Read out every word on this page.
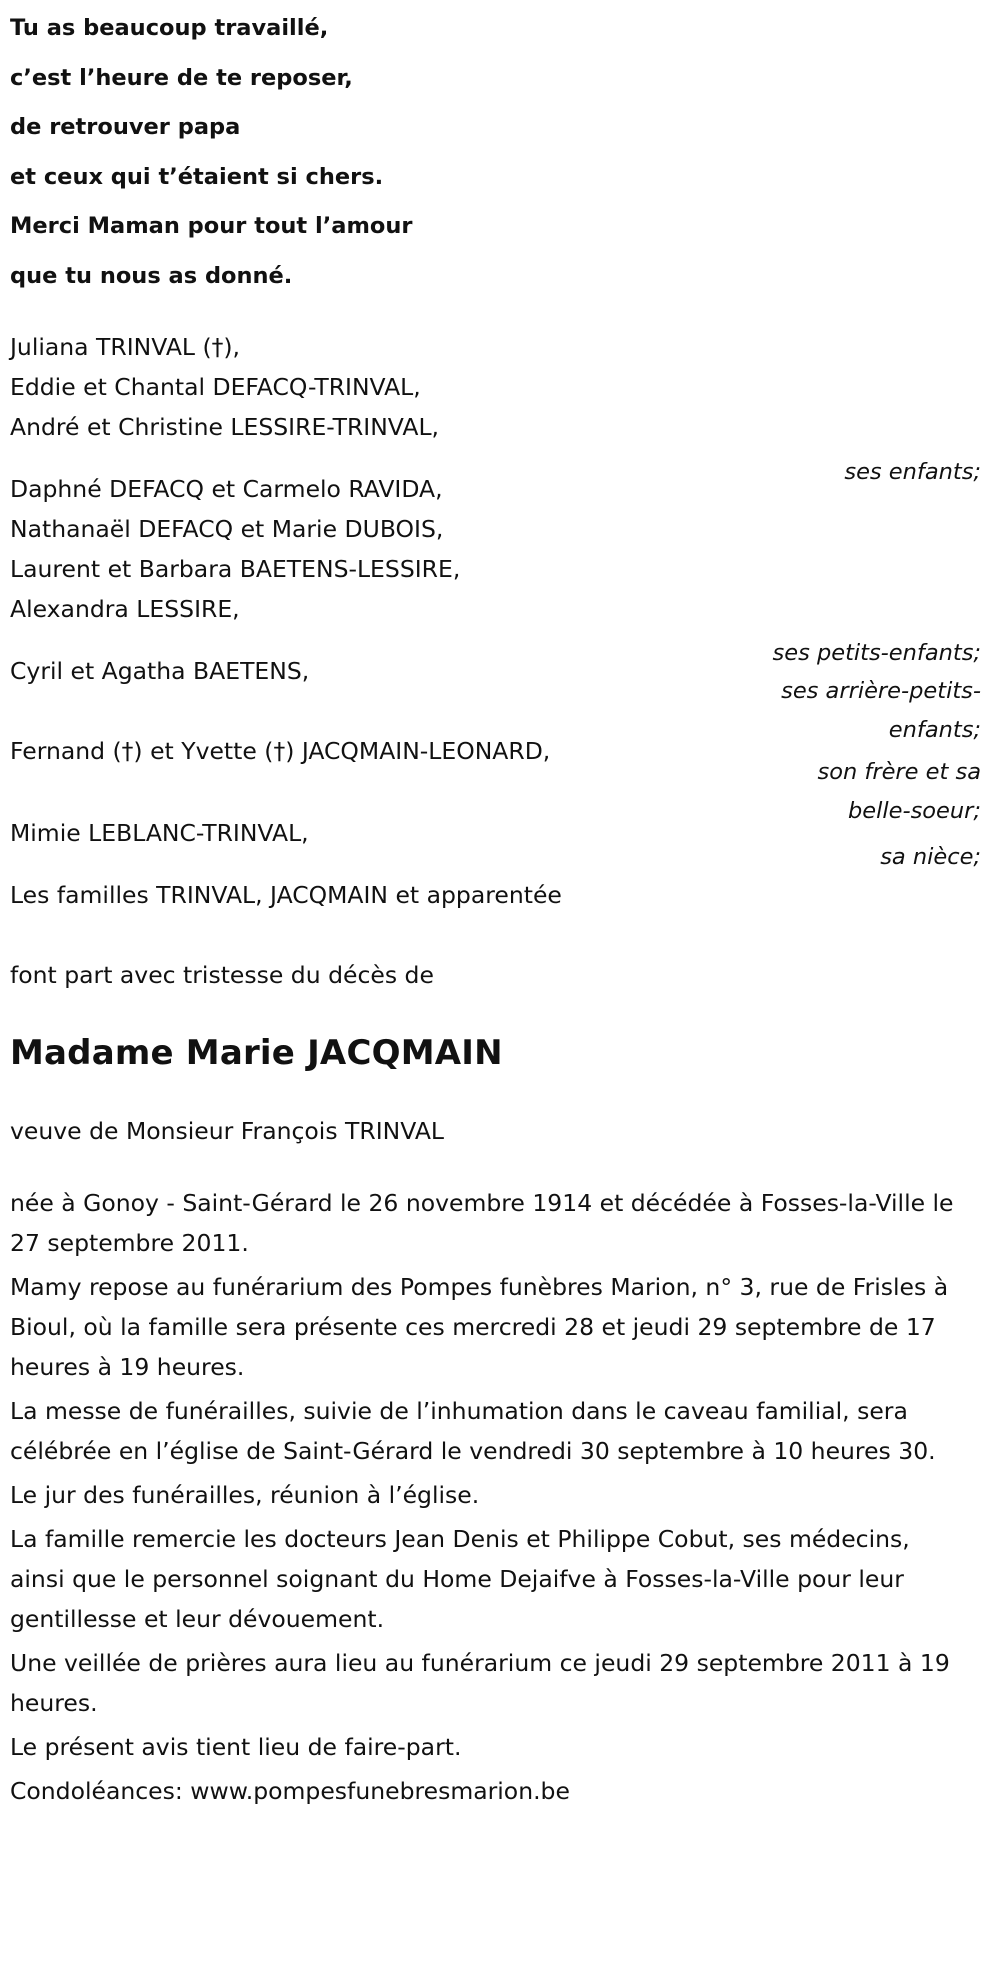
Tu as beaucoup travaillé,

c’est l’heure de te reposer,

de retrouver papa

et ceux qui t’étaient si chers.

Merci Maman pour tout l’amour

que tu nous as donné.

Juliana TRINVAL (†),

Eddie et Chantal DEFACQ-TRINVAL,

André et Christine LESSIRE-TRINVAL,

ses enfants;

Daphné DEFACQ et Carmelo RAVIDA,

Nathanaël DEFACQ et Marie DUBOIS,

Laurent et Barbara BAETENS-LESSIRE,

Alexandra LESSIRE,

ses petits-enfants;

Cyril et Agatha BAETENS,

ses arrière-petits-
enfants;

Fernand (†) et Yvette (†) JACQMAIN-LEONARD,

son frère et sa
belle-soeur;

Mimie LEBLANC-TRINVAL,

sa nièce;

Les familles TRINVAL, JACQMAIN et apparentée

font part avec tristesse du décès de

Madame Marie JACQMAIN

veuve de Monsieur François TRINVAL

née à Gonoy - Saint-Gérard le 26 novembre 1914 et décédée à Fosses-la-Ville le 27 septembre 2011.

Mamy repose au funérarium des Pompes funèbres Marion, n° 3, rue de Frisles à Bioul, où la famille sera présente ces mercredi 28 et jeudi 29 septembre de 17 heures à 19 heures.

La messe de funérailles, suivie de l’inhumation dans le caveau familial, sera célébrée en l’église de Saint-Gérard le vendredi 30 septembre à 10 heures 30.

Le jur des funérailles, réunion à l’église.

La famille remercie les docteurs Jean Denis et Philippe Cobut, ses médecins, ainsi que le personnel soignant du Home Dejaifve à Fosses-la-Ville pour leur gentillesse et leur dévouement.

Une veillée de prières aura lieu au funérarium ce jeudi 29 septembre 2011 à 19 heures.

Le présent avis tient lieu de faire-part.

Condoléances: www.pompesfunebresmarion.be
